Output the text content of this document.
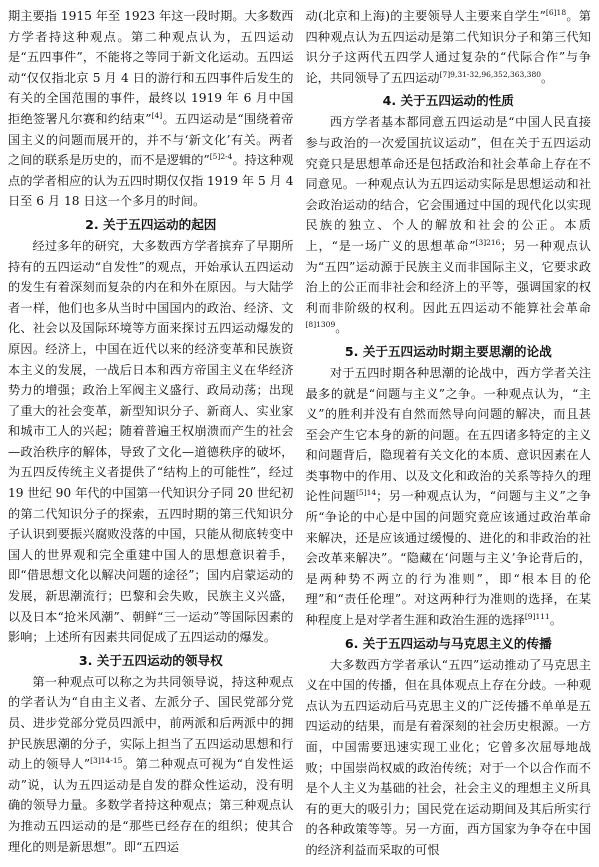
期主要指 1915 年至 1923 年这一段时期。大多数西方学者持这种观点。第二种观点认为，五四运动是“五四事件”，不能将之等同于新文化运动。五四运动“仅仅指北京 5 月 4 日的游行和五四事件后发生的有关的全国范围的事件，最终以 1919 年 6 月中国拒绝签署凡尔赛和约结束”[4]。五四运动是“围绕着帝国主义的问题而展开的，并不与‘新文化’有关。两者之间的联系是历史的，而不是逻辑的”$^{[5]2-4}$。持这种观点的学者相应的认为五四时期仅仅指 1919 年 5 月 4 日至 6 月 18 日这一个多月的时间。

2. 关于五四运动的起因

经过多年的研究，大多数西方学者摈弃了早期所持有的五四运动“自发性”的观点，开始承认五四运动的发生有着深刻而复杂的内在和外在原因。与大陆学者一样，他们也多从当时中国国内的政治、经济、文化、社会以及国际环境等方面来探讨五四运动爆发的原因。经济上，中国在近代以来的经济变革和民族资本主义的发展，一战后日本和西方帝国主义在华经济势力的增强；政治上军阀主义盛行、政局动荡；出现了重大的社会变革，新型知识分子、新商人、实业家和城市工人的兴起；随着普遍王权崩溃而产生的社会—政治秩序的解体，导致了文化—道德秩序的破坏，为五四反传统主义者提供了“结构上的可能性”，经过 19 世纪 90 年代的中国第一代知识分子同 20 世纪初的第二代知识分子的探索，五四时期的第三代知识分子认识到要振兴腐败没落的中国，只能从彻底转变中国人的世界观和完全重建中国人的思想意识着手，即“借思想文化以解决问题的途径”；国内启蒙运动的发展，新思潮流行；巴黎和会失败，民族主义兴盛，以及日本“抢米风潮”、朝鲜“三一运动”等国际因素的影响；上述所有因素共同促成了五四运动的爆发。

3. 关于五四运动的领导权

第一种观点可以称之为共同领导说，持这种观点的学者认为“自由主义者、左派分子、国民党部分党员、进步党部分党员四派中，前两派和后两派中的拥护民族思潮的分子，实际上担当了五四运动思想和行动上的领导人”$^{[3]14-15}$。第二种观点可视为“自发性运动”说，认为五四运动是自发的群众性运动，没有明确的领导力量。多数学者持这种观点；第三种观点认为推动五四运动的是“那些已经存在的组织；使其合理化的则是新思想”。即“五四运

动(北京和上海)的主要领导人主要来自学生”$^{[6]18}$。第四种观点认为五四运动是第二代知识分子和第三代知识分子这两代五四学人通过复杂的“代际合作”与争论，共同领导了五四运动$^{[7]9,31-32,96,352,363,380}$。

4. 关于五四运动的性质

西方学者基本都同意五四运动是“中国人民直接参与政治的一次爱国抗议运动”，但在关于五四运动究竟只是思想革命还是包括政治和社会革命上存在不同意见。一种观点认为五四运动实际是思想运动和社会政治运动的结合，它会围通过中国的现代化以实现民族的独立、个人的解放和社会的公正。本质上，“是一场广义的思想革命”$^{[3]216}$；另一种观点认为“五四”运动源于民族主义而非国际主义，它要求政治上的公正而非社会和经济上的平等，强调国家的权利而非阶级的权利。因此五四运动不能算社会革命$^{[8]1309}$。

5. 关于五四运动时期主要思潮的论战

对于五四时期各种思潮的论战中，西方学者关注最多的就是“问题与主义”之争。一种观点认为，“主义”的胜利并没有自然而然导向问题的解决，而且甚至会产生它本身的新的问题。在五四诸多特定的主义和问题背后，隐现着有关文化的本质、意识因素在人类事物中的作用、以及文化和政治的关系等持久的理论性问题$^{[5]14}$；另一种观点认为，“问题与主义”之争所“争论的中心是中国的问题究竟应该通过政治革命来解决，还是应该通过缓慢的、进化的和非政治的社会改革来解决”。“隐藏在‘问题与主义’争论背后的，是两种势不两立的行为准则”，即“根本目的伦理”和“责任伦理”。对这两种行为准则的选择，在某种程度上是对学者生涯和政治生涯的选择$^{[9]111}$。

6. 关于五四运动与马克思主义的传播

大多数西方学者承认“五四”运动推动了马克思主义在中国的传播，但在具体观点上存在分歧。一种观点认为五四运动后马克思主义的广泛传播不单单是五四运动的结果，而是有着深刻的社会历史根源。一方面，中国需要迅速实现工业化；它曾多次屈辱地战败；中国崇尚权威的政治传统；对于一个以合作而不是个人主义为基础的社会，社会主义的理想主义所具有的更大的吸引力；国民党在运动期间及其后所实行的各种政策等等。另一方面，西方国家为争夺在中国的经济利益而采取的可恨
